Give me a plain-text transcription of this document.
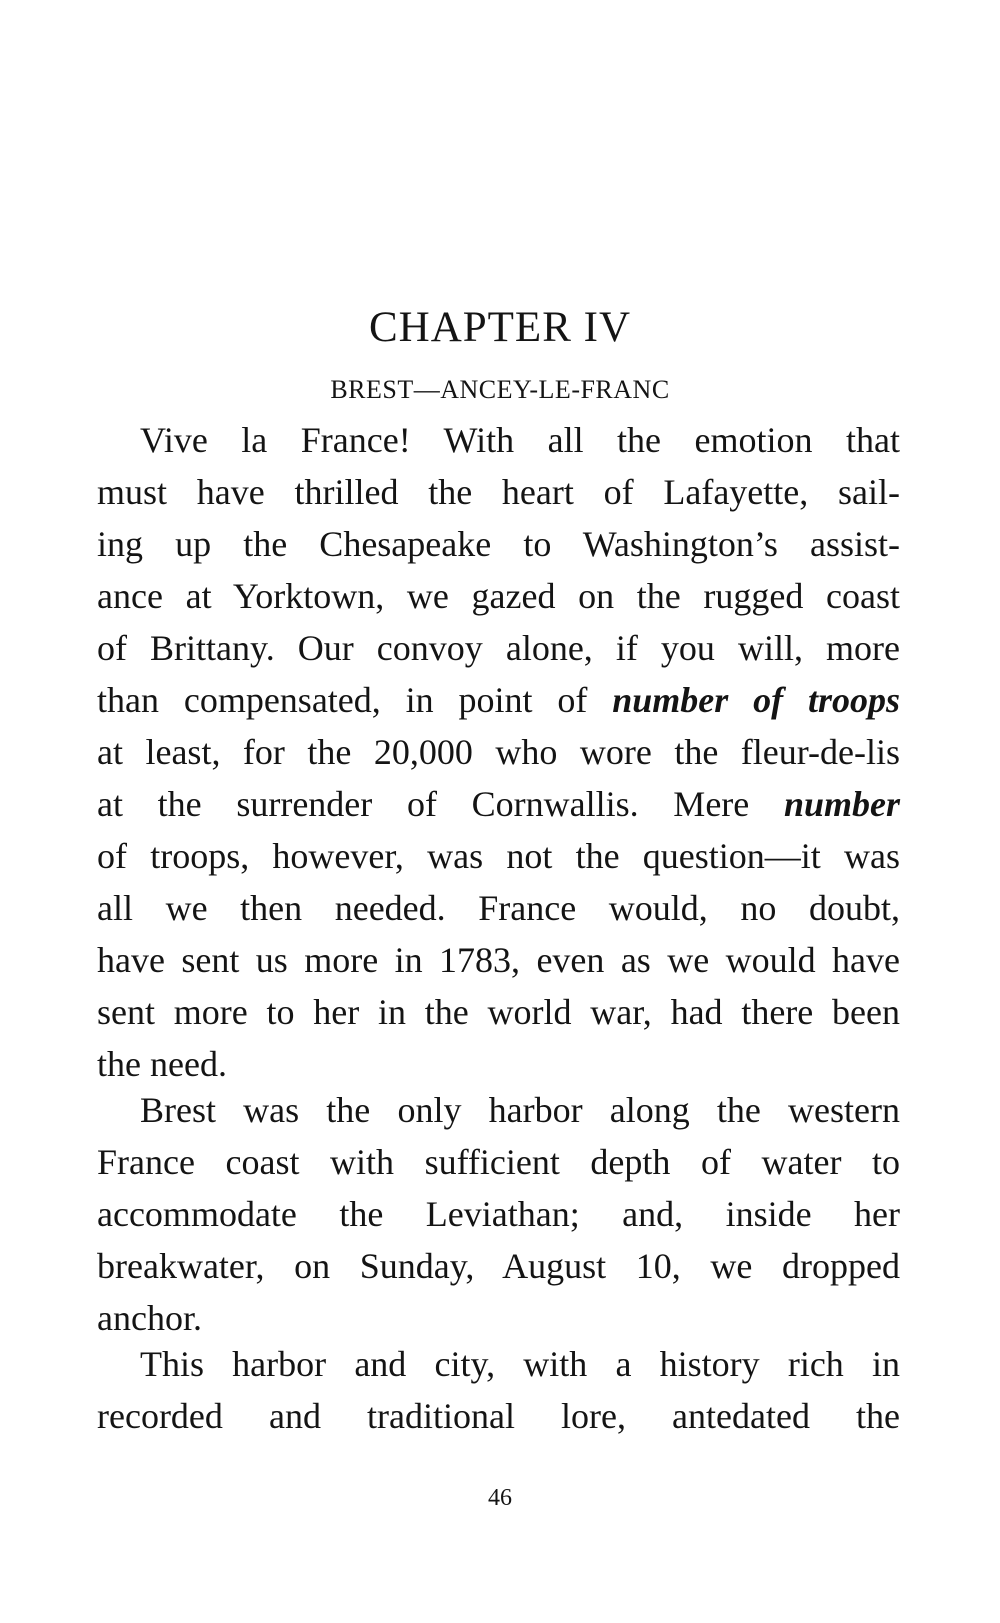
CHAPTER IV
BREST—ANCEY-LE-FRANC
Vive la France! With all the emotion that
must have thrilled the heart of Lafayette, sail-
ing up the Chesapeake to Washington’s assist-
ance at Yorktown, we gazed on the rugged coast
of Brittany. Our convoy alone, if you will, more
than compensated, in point of number of troops
at least, for the 20,000 who wore the fleur-de-lis
at the surrender of Cornwallis. Mere number
of troops, however, was not the question—it was
all we then needed. France would, no doubt,
have sent us more in 1783, even as we would have
sent more to her in the world war, had there been
the need.
Brest was the only harbor along the western
France coast with sufficient depth of water to
accommodate the Leviathan; and, inside her
breakwater, on Sunday, August 10, we dropped
anchor.
This harbor and city, with a history rich in
recorded and traditional lore, antedated the
46
